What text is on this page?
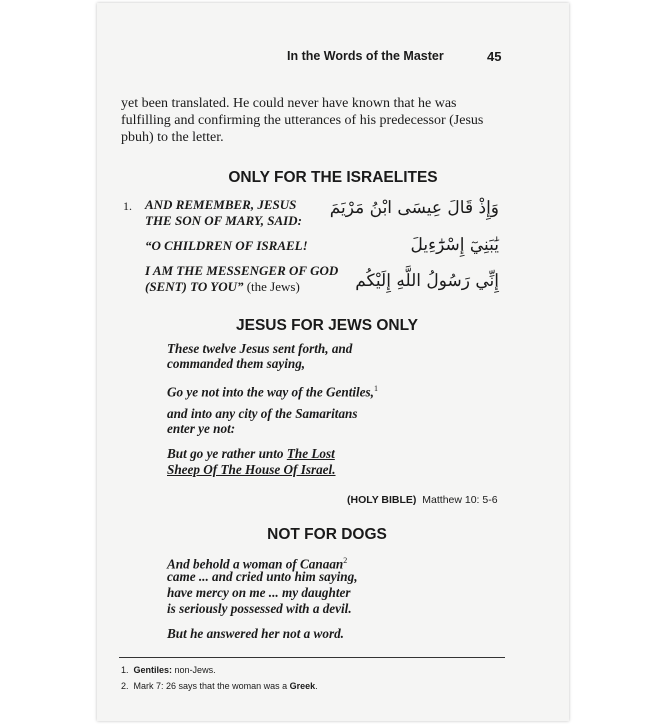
In the Words of the Master	45
yet been translated. He could never have known that he was
fulfilling and confirming the utterances of his predecessor (Jesus
pbuh) to the letter.
ONLY FOR THE ISRAELITES
1. AND REMEMBER, JESUS
THE SON OF MARY, SAID:
“O CHILDREN OF ISRAEL!
I AM THE MESSENGER OF GOD
(SENT) TO YOU” (the Jews)
وَإِذْ قَالَ عِيسَى ابْنُ مَرْيَمَ
يَٰبَنِيٓ إِسْرَٰٓءِيلَ
إِنِّي رَسُولُ اللَّهِ إِلَيْكُم
JESUS FOR JEWS ONLY
These twelve Jesus sent forth, and
commanded them saying,
Go ye not into the way of the Gentiles,$^1$
and into any city of the Samaritans
enter ye not:
But go ye rather unto The Lost
Sheep Of The House Of Israel.
(HOLY BIBLE) Matthew 10: 5-6
NOT FOR DOGS
And behold a woman of Canaan$^2$
came ... and cried unto him saying,
have mercy on me ... my daughter
is seriously possessed with a devil.
But he answered her not a word.
1. Gentiles: non-Jews.
2. Mark 7: 26 says that the woman was a Greek.
